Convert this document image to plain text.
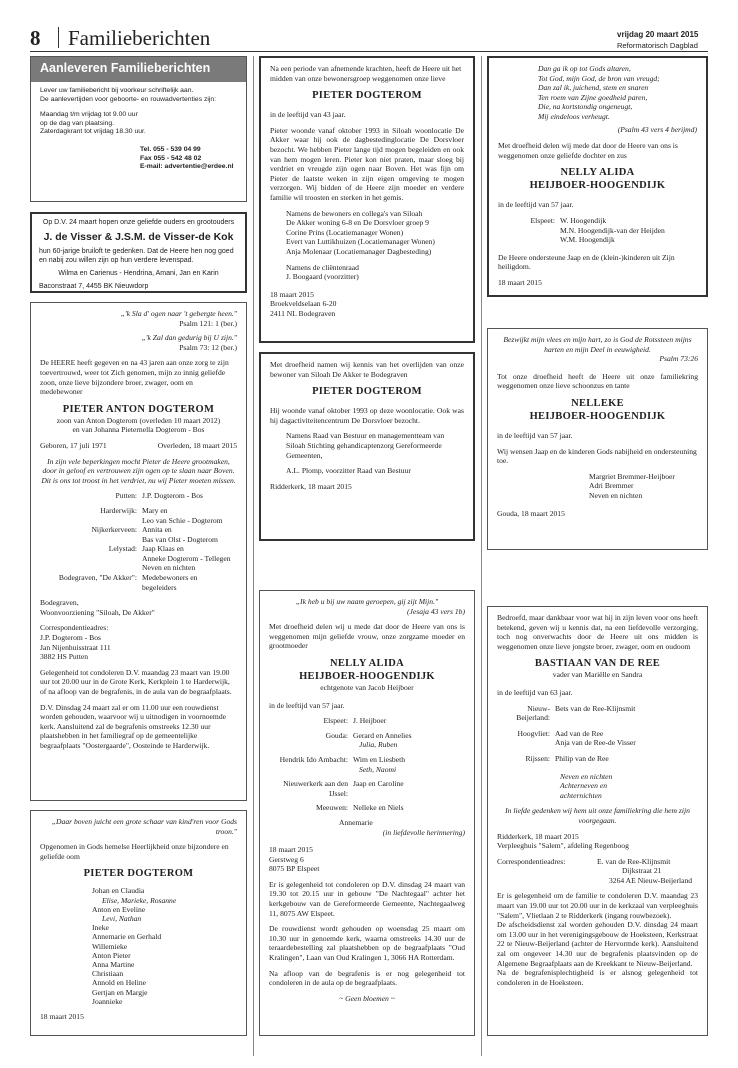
8 Familieberichten	vrijdag 20 maart 2015
Reformatorisch Dagblad
Aanleveren Familieberichten
Lever uw familiebericht bij voorkeur schriftelijk aan.
De aanlevertijden voor geboorte- en rouwadvertenties zijn:
Maandag t/m vrijdag tot 9.00 uur
op de dag van plaatsing.
Zaterdagkrant tot vrijdag 18.30 uur.
Tel. 055 - 539 04 99
Fax 055 - 542 48 02
E-mail: advertentie@erdee.nl
Op D.V. 24 maart hopen onze geliefde ouders en grootouders
J. de Visser & J.S.M. de Visser-de Kok
hun 60-jarige bruiloft te gedenken. Dat de Heere hen nog goed
en nabij zou willen zijn op hun verdere levenspad.
Wilma en Carienus - Hendrina, Amani, Jan en Karin
Baconstraat 7, 4455 BK Nieuwdorp
„'k Sla d' ogen naar 't gebergte heen."
Psalm 121: 1 (ber.)
„'k Zal dan gedurig bij U zijn."
Psalm 73: 12 (ber.)

De HEERE heeft gegeven en na 43 jaren aan onze zorg te zijn toevertrouwd, weer tot Zich genomen, mijn zo innig geliefde zoon, onze lieve bijzondere broer, zwager, oom en medebewoner

PIETER ANTON DOGTEROM
zoon van Anton Dogterom (overleden 10 maart 2012)
en van Johanna Pieternella Dogterom - Bos
Geboren, 17 juli 1971	Overleden, 18 maart 2015

In zijn vele beperkingen mocht Pieter de Heere grootmaken, door in geloof en vertrouwen zijn ogen op te slaan naar Boven. Dit is ons tot troost in het verdriet, nu wij Pieter moeten missen.

Putten: J.P. Dogterom - Bos
Harderwijk: Mary en
Leo van Schie - Dogterom
Nijkerkerveen: Annita en
Bas van Olst - Dogterom
Lelystad: Jaap Klaas en
Anneke Dogterom - Tellegen
Neven en nichten
Bodegraven, "De Akker": Medebewoners en
begeleiders
Bodegraven,
Woonvoorziening "Siloah, De Akker"
Correspondentieadres:
J.P. Dogterom - Bos
Jan Nijenhuisstraat 111
3882 HS Putten

Gelegenheid tot condoleren D.V. maandag 23 maart van 19.00 uur tot 20.00 uur in de Grote Kerk, Kerkplein 1 te Harderwijk, of na afloop van de begrafenis, in de aula van de begraafplaats.

D.V. Dinsdag 24 maart zal er om 11.00 uur een rouwdienst worden gehouden, waarvoor wij u uitnodigen in voornoemde kerk. Aansluitend zal de begrafenis omstreeks 12.30 uur plaatshebben in het familiegraf op de gemeentelijke begraafplaats "Oostergaarde", Oosteinde te Harderwijk.

„Daar boven juicht een grote schaar van kind'ren voor Gods troon."

Opgenomen in Gods hemelse Heerlijkheid onze bijzondere en geliefde oom

PIETER DOGTEROM
Johan en Claudia
Elise, Marieke, Rosanne
Anton en Eveline
Levi, Nathan
Ineke
Annemarie en Gerhald
Willemieke
Anton Pieter
Anna Martine
Christiaan
Annold en Heline
Gertjan en Margje
Joannieke
18 maart 2015

Na een periode van afnemende krachten, heeft de Heere uit het midden van onze bewonersgroep weggenomen onze lieve

PIETER DOGTEROM

in de leeftijd van 43 jaar.

Pieter woonde vanaf oktober 1993 in Siloah woonlocatie De Akker waar hij ook de dagbestedinglocatie De Dorsvloer bezocht. We hebben Pieter lange tijd mogen begeleiden en ook van hem mogen leren. Pieter kon niet praten, maar sloeg bij verdriet en vreugde zijn ogen naar Boven. Het was fijn om Pieter de laatste weken in zijn eigen omgeving te mogen verzorgen. Wij bidden of de Heere zijn moeder en verdere familie wil troosten en sterken in het gemis.

Namens de bewoners en collega's van Siloah
De Akker woning 6-8 en De Dorsvloer groep 9
Corine Prins (Locatiemanager Wonen)
Evert van Luttikhuizen (Locatiemanager Wonen)
Anja Molenaar (Locatiemanager Dagbesteding)
Namens de cliëntenraad
J. Boogaard (voorzitter)
18 maart 2015
Broekveldselaan 6-20
2411 NL Bodegraven

Met droefheid namen wij kennis van het overlijden van onze bewoner van Siloah De Akker te Bodegraven

PIETER DOGTEROM

Hij woonde vanaf oktober 1993 op deze woonlocatie. Ook was hij dagactiviteitencentrum De Dorsvloer bezocht.

Namens Raad van Bestuur en managementteam van Siloah Stichting gehandicaptenzorg Gereformeerde Gemeenten,

A.L. Plomp, voorzitter Raad van Bestuur

Ridderkerk, 18 maart 2015
„Ik heb u bij uw naam geroepen, gij zijt Mijn."
(Jesaja 43 vers 1b)

Met droefheid delen wij u mede dat door de Heere van ons is weggenomen mijn geliefde vrouw, onze zorgzame moeder en grootmoeder

NELLY ALIDA
HEIJBOER-HOOGENDIJK
echtgenote van Jacob Heijboer

in de leeftijd van 57 jaar.

Elspeet: J. Heijboer
Gouda: Gerard en Annelies
Julia, Ruben
Hendrik Ido Ambacht: Wim en Liesbeth
Seth, Naomi
Nieuwerkerk aan den IJssel:
Jaap en Caroline
Meeuwen: Nelleke en Niels
Annemarie
(in liefdevolle herinnering)
18 maart 2015
Gerstweg 6
8075 BP Elspeet

Er is gelegenheid tot condoleren op D.V. dinsdag 24 maart van 19.30 tot 20.15 uur in gebouw "De Nachtegaal" achter het kerkgebouw van de Gereformeerde Gemeente, Nachtegaalweg 11, 8075 AW Elspeet.

De rouwdienst wordt gehouden op woensdag 25 maart om 10.30 uur in genoemde kerk, waarna omstreeks 14.30 uur de teraardebestelling zal plaatshebben op de begraafplaats "Oud Kralingen", Laan van Oud Kralingen 1, 3066 HA Rotterdam.

Na afloop van de begrafenis is er nog gelegenheid tot condoleren in de aula op de begraafplaats.

~ Geen bloemen ~
Dan ga ik op tot Gods altaren,
Tot God, mijn God, de bron van vreugd;
Dan zal ik, juichend, stem en snaren
Ten roem van Zijne goedheid paren,
Die, na kortstondig ongeneugt,
Mij eindeloos verheugt.
(Psalm 43 vers 4 berijmd)

Met droefheid delen wij mede dat door de Heere van ons is weggenomen onze geliefde dochter en zus

NELLY ALIDA
HEIJBOER-HOOGENDIJK

in de leeftijd van 57 jaar.

Elspeet: W. Hoogendijk
M.N. Hoogendijk-van der Heijden
W.M. Hoogendijk

De Heere ondersteune Jaap en de (klein-)kinderen uit Zijn heiligdom.

18 maart 2015
Bezwijkt mijn vlees en mijn hart, zo is God de Rotssteen mijns harten en mijn Deel in eeuwigheid.
Psalm 73:26

Tot onze droefheid heeft de Heere uit onze familiekring weggenomen onze lieve schoonzus en tante

NELLEKE
HEIJBOER-HOOGENDIJK

in de leeftijd van 57 jaar.

Wij wensen Jaap en de kinderen Gods nabijheid en ondersteuning toe.

Margriet Bremmer-Heijboer
Adri Bremmer
Neven en nichten
Gouda, 18 maart 2015

Bedroefd, maar dankbaar voor wat hij in zijn leven voor ons heeft betekend, geven wij u kennis dat, na een liefdevolle verzorging, toch nog onverwachts door de Heere uit ons midden is weggenomen onze lieve jongste broer, zwager, oom en oudoom

BASTIAAN VAN DE REE
vader van Mariëlle en Sandra

in de leeftijd van 63 jaar.

Nieuw-Beijerland:
Bets van de Ree-Klijnsmit
Hoogvliet: Aad van de Ree
Anja van de Ree-de Visser
Rijssen: Philip van de Ree
Neven en nichten
Achterneven en
achternichten

In liefde gedenken wij hem uit onze familiekring die hem zijn voorgegaan.

Ridderkerk, 18 maart 2015
Verpleeghuis "Salem", afdeling Regenboog
Correspondentieadres:	E. van de Ree-Klijnsmit
Dijkstraat 21
3264 AE Nieuw-Beijerland
Er is gelegenheid om de familie te condoleren D.V. maandag 23 maart van 19.00 uur tot 20.00 uur in de kerkzaal van verpleeghuis "Salem", Vlietlaan 2 te Ridderkerk (ingang rouwbezoek).
De afscheidsdienst zal worden gehouden D.V. dinsdag 24 maart om 13.00 uur in het verenigingsgebouw de Hoeksteen, Kerkstraat 22 te Nieuw-Beijerland (achter de Hervormde kerk). Aansluitend zal om ongeveer 14.30 uur de begrafenis plaatsvinden op de Algemene Begraafplaats aan de Kreekkant te Nieuw-Beijerland.
Na de begrafenisplechtigheid is er alsnog gelegenheid tot condoleren in de Hoeksteen.
